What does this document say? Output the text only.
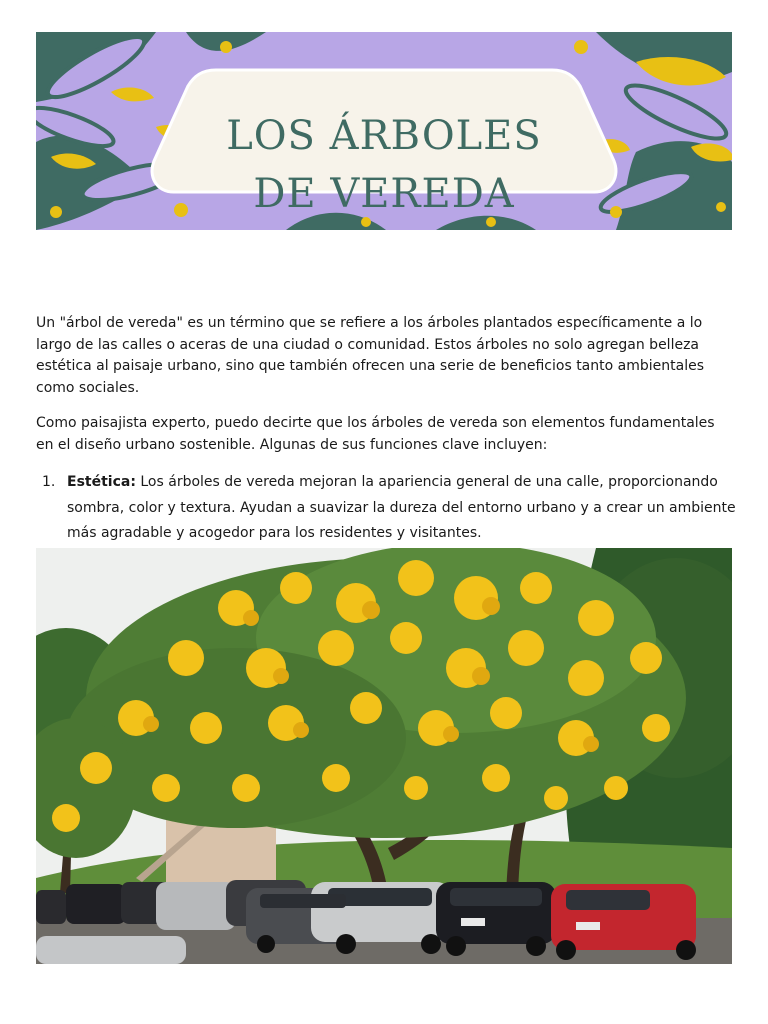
LOS ÁRBOLES
DE VEREDA

Un "árbol de vereda" es un término que se refiere a los árboles plantados específicamente a lo largo de las calles o aceras de una ciudad o comunidad. Estos árboles no solo agregan belleza estética al paisaje urbano, sino que también ofrecen una serie de beneficios tanto ambientales como sociales.

Como paisajista experto, puedo decirte que los árboles de vereda son elementos fundamentales en el diseño urbano sostenible. Algunas de sus funciones clave incluyen:

1. Estética: Los árboles de vereda mejoran la apariencia general de una calle, proporcionando sombra, color y textura. Ayudan a suavizar la dureza del entorno urbano y a crear un ambiente más agradable y acogedor para los residentes y visitantes.
